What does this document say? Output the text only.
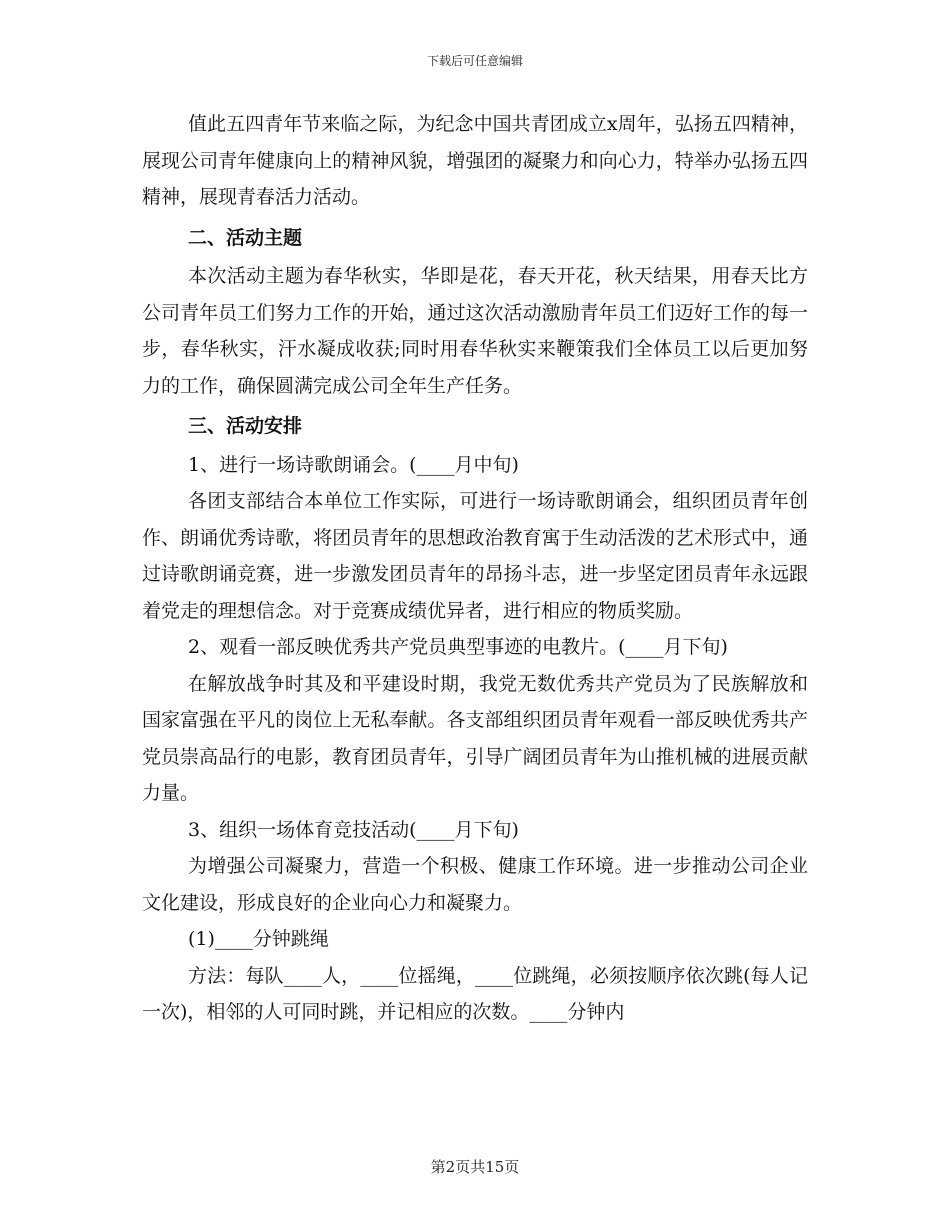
下载后可任意编辑

值此五四青年节来临之际，为纪念中国共青团成立x周年，弘扬五四精神，展现公司青年健康向上的精神风貌，增强团的凝聚力和向心力，特举办弘扬五四精神，展现青春活力活动。

二、活动主题

本次活动主题为春华秋实，华即是花，春天开花，秋天结果，用春天比方公司青年员工们努力工作的开始，通过这次活动激励青年员工们迈好工作的每一步，春华秋实，汗水凝成收获;同时用春华秋实来鞭策我们全体员工以后更加努力的工作，确保圆满完成公司全年生产任务。

三、活动安排

1、进行一场诗歌朗诵会。(____月中旬)

各团支部结合本单位工作实际，可进行一场诗歌朗诵会，组织团员青年创作、朗诵优秀诗歌，将团员青年的思想政治教育寓于生动活泼的艺术形式中，通过诗歌朗诵竞赛，进一步激发团员青年的昂扬斗志，进一步坚定团员青年永远跟着党走的理想信念。对于竞赛成绩优异者，进行相应的物质奖励。

2、观看一部反映优秀共产党员典型事迹的电教片。(____月下旬)

在解放战争时其及和平建设时期，我党无数优秀共产党员为了民族解放和国家富强在平凡的岗位上无私奉献。各支部组织团员青年观看一部反映优秀共产党员崇高品行的电影，教育团员青年，引导广阔团员青年为山推机械的进展贡献力量。

3、组织一场体育竞技活动(____月下旬)

为增强公司凝聚力，营造一个积极、健康工作环境。进一步推动公司企业文化建设，形成良好的企业向心力和凝聚力。

(1)____分钟跳绳

方法：每队____人，____位摇绳，____位跳绳，必须按顺序依次跳(每人记一次)，相邻的人可同时跳，并记相应的次数。____分钟内

第2页共15页
